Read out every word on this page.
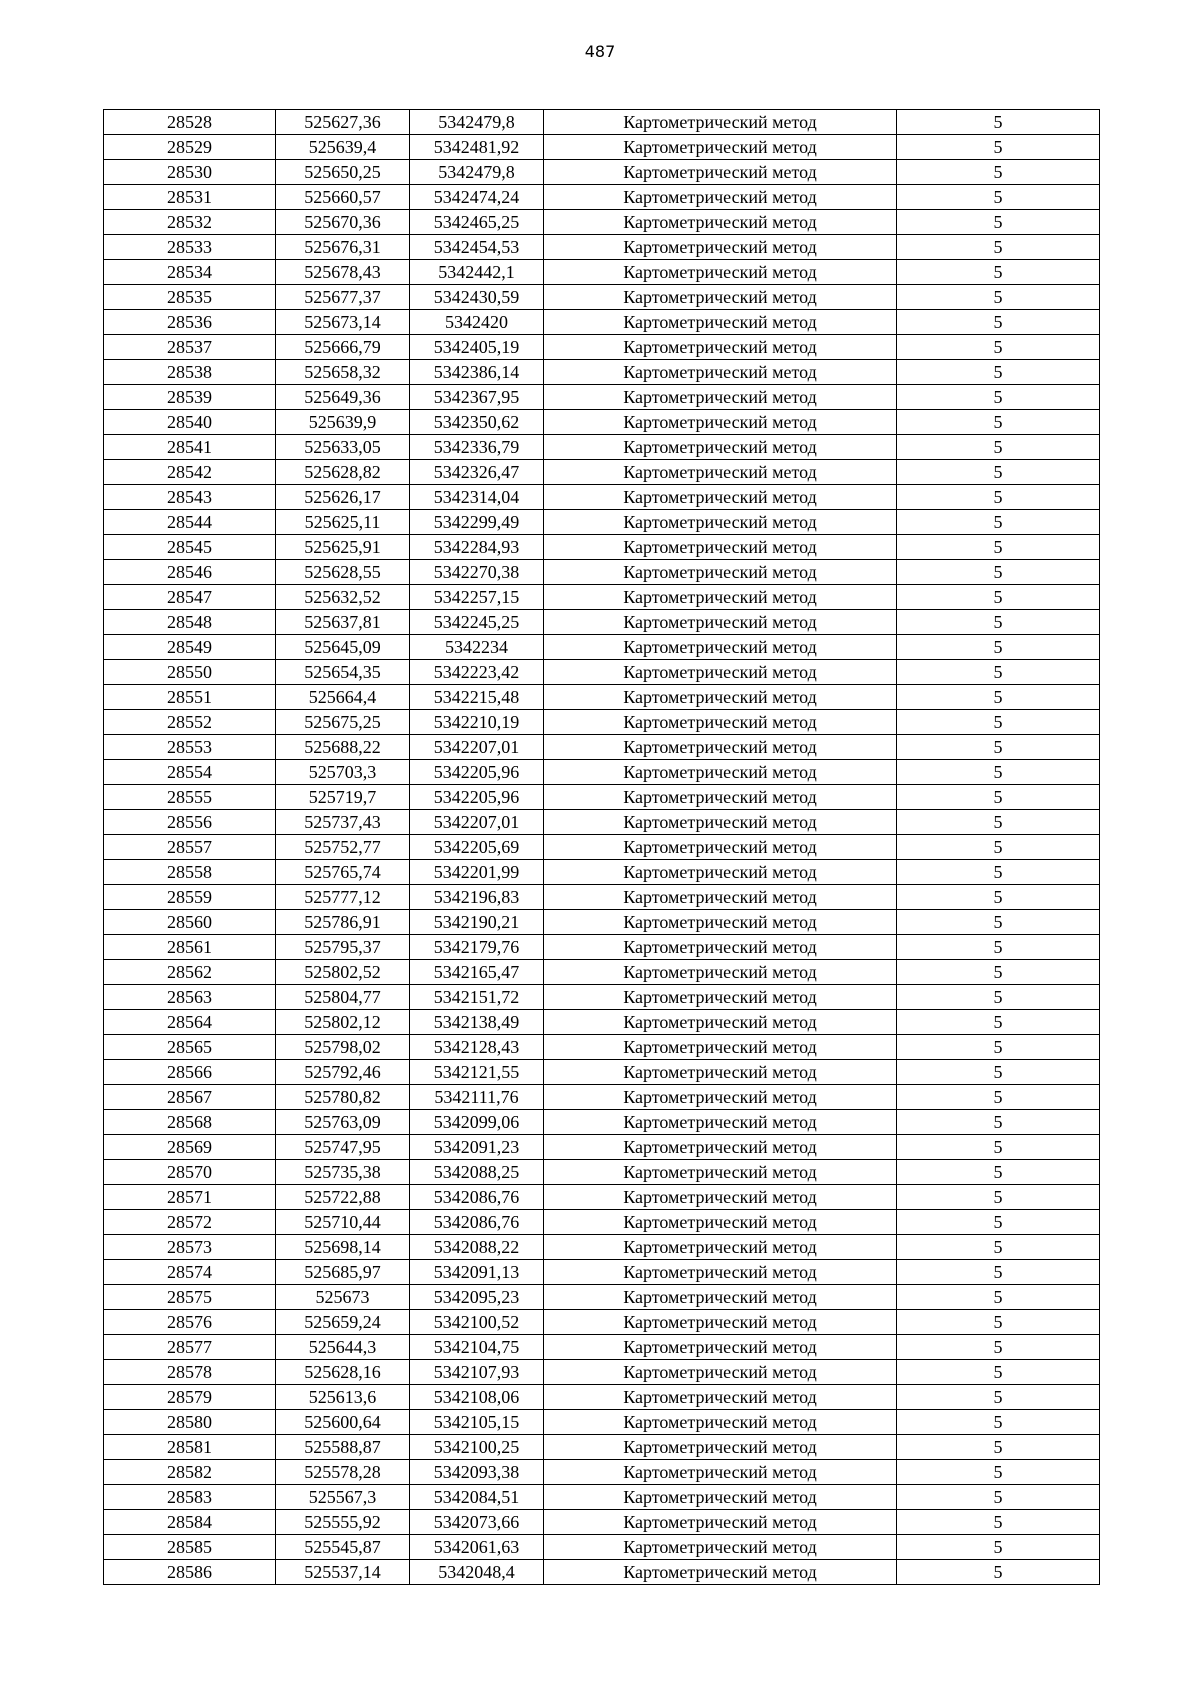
487
28528	525627,36	5342479,8	Картометрический метод	5
28529	525639,4	5342481,92	Картометрический метод	5
28530	525650,25	5342479,8	Картометрический метод	5
28531	525660,57	5342474,24	Картометрический метод	5
28532	525670,36	5342465,25	Картометрический метод	5
28533	525676,31	5342454,53	Картометрический метод	5
28534	525678,43	5342442,1	Картометрический метод	5
28535	525677,37	5342430,59	Картометрический метод	5
28536	525673,14	5342420	Картометрический метод	5
28537	525666,79	5342405,19	Картометрический метод	5
28538	525658,32	5342386,14	Картометрический метод	5
28539	525649,36	5342367,95	Картометрический метод	5
28540	525639,9	5342350,62	Картометрический метод	5
28541	525633,05	5342336,79	Картометрический метод	5
28542	525628,82	5342326,47	Картометрический метод	5
28543	525626,17	5342314,04	Картометрический метод	5
28544	525625,11	5342299,49	Картометрический метод	5
28545	525625,91	5342284,93	Картометрический метод	5
28546	525628,55	5342270,38	Картометрический метод	5
28547	525632,52	5342257,15	Картометрический метод	5
28548	525637,81	5342245,25	Картометрический метод	5
28549	525645,09	5342234	Картометрический метод	5
28550	525654,35	5342223,42	Картометрический метод	5
28551	525664,4	5342215,48	Картометрический метод	5
28552	525675,25	5342210,19	Картометрический метод	5
28553	525688,22	5342207,01	Картометрический метод	5
28554	525703,3	5342205,96	Картометрический метод	5
28555	525719,7	5342205,96	Картометрический метод	5
28556	525737,43	5342207,01	Картометрический метод	5
28557	525752,77	5342205,69	Картометрический метод	5
28558	525765,74	5342201,99	Картометрический метод	5
28559	525777,12	5342196,83	Картометрический метод	5
28560	525786,91	5342190,21	Картометрический метод	5
28561	525795,37	5342179,76	Картометрический метод	5
28562	525802,52	5342165,47	Картометрический метод	5
28563	525804,77	5342151,72	Картометрический метод	5
28564	525802,12	5342138,49	Картометрический метод	5
28565	525798,02	5342128,43	Картометрический метод	5
28566	525792,46	5342121,55	Картометрический метод	5
28567	525780,82	5342111,76	Картометрический метод	5
28568	525763,09	5342099,06	Картометрический метод	5
28569	525747,95	5342091,23	Картометрический метод	5
28570	525735,38	5342088,25	Картометрический метод	5
28571	525722,88	5342086,76	Картометрический метод	5
28572	525710,44	5342086,76	Картометрический метод	5
28573	525698,14	5342088,22	Картометрический метод	5
28574	525685,97	5342091,13	Картометрический метод	5
28575	525673	5342095,23	Картометрический метод	5
28576	525659,24	5342100,52	Картометрический метод	5
28577	525644,3	5342104,75	Картометрический метод	5
28578	525628,16	5342107,93	Картометрический метод	5
28579	525613,6	5342108,06	Картометрический метод	5
28580	525600,64	5342105,15	Картометрический метод	5
28581	525588,87	5342100,25	Картометрический метод	5
28582	525578,28	5342093,38	Картометрический метод	5
28583	525567,3	5342084,51	Картометрический метод	5
28584	525555,92	5342073,66	Картометрический метод	5
28585	525545,87	5342061,63	Картометрический метод	5
28586	525537,14	5342048,4	Картометрический метод	5
